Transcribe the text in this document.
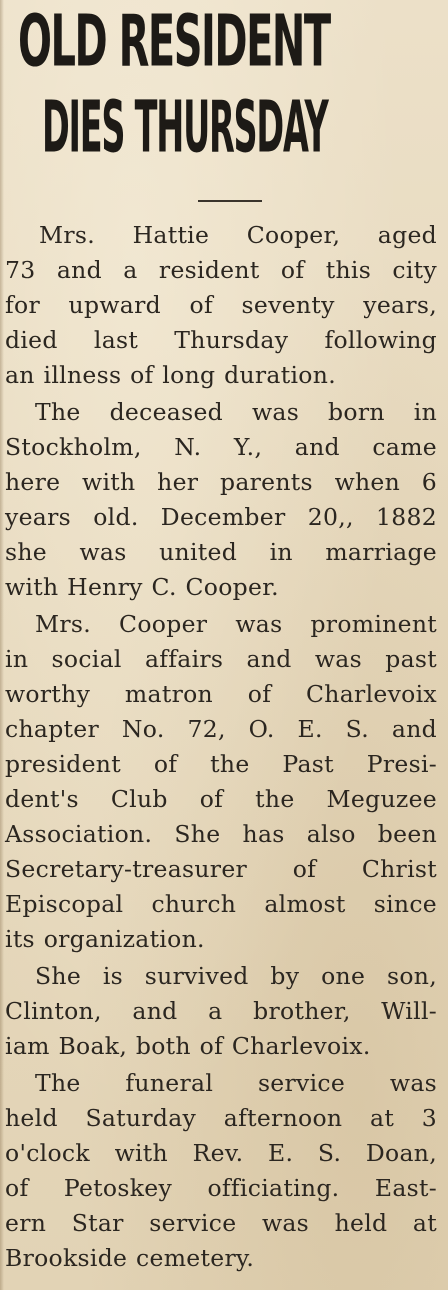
OLD RESIDENT
DIES THURSDAY

Mrs. Hattie Cooper, aged
73 and a resident of this city
for upward of seventy years,
died last Thursday following
an illness of long duration.

The deceased was born in
Stockholm, N. Y., and came
here with her parents when 6
years old. December 20,, 1882
she was united in marriage
with Henry C. Cooper.

Mrs. Cooper was prominent
in social affairs and was past
worthy matron of Charlevoix
chapter No. 72, O. E. S. and
president of the Past Presi-
dent's Club of the Meguzee
Association. She has also been
Secretary-treasurer of Christ
Episcopal church almost since
its organization.

She is survived by one son,
Clinton, and a brother, Will-
iam Boak, both of Charlevoix.

The funeral service was
held Saturday afternoon at 3
o'clock with Rev. E. S. Doan,
of Petoskey officiating. East-
ern Star service was held at
Brookside cemetery.
